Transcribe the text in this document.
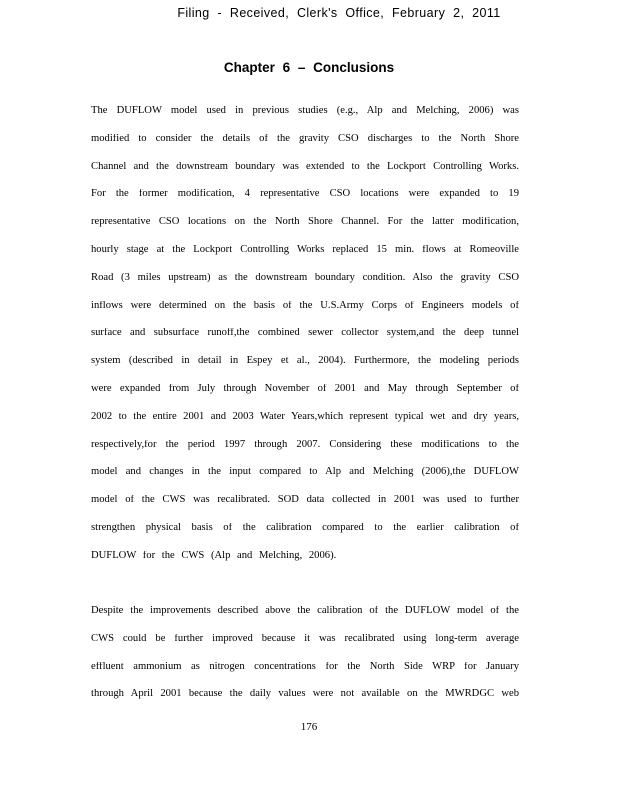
Filing - Received, Clerk's Office, February 2, 2011
Chapter 6 – Conclusions
The DUFLOW model used in previous studies (e.g., Alp and Melching, 2006) was
modified to consider the details of the gravity CSO discharges to the North Shore
Channel and the downstream boundary was extended to the Lockport Controlling Works.
For the former modification, 4 representative CSO locations were expanded to 19
representative CSO locations on the North Shore Channel. For the latter modification,
hourly stage at the Lockport Controlling Works replaced 15 min. flows at Romeoville
Road (3 miles upstream) as the downstream boundary condition. Also the gravity CSO
inflows were determined on the basis of the U.S.Army Corps of Engineers models of
surface and subsurface runoff,the combined sewer collector system,and the deep tunnel
system (described in detail in Espey et al., 2004). Furthermore, the modeling periods
were expanded from July through November of 2001 and May through September of
2002 to the entire 2001 and 2003 Water Years,which represent typical wet and dry years,
respectively,for the period 1997 through 2007. Considering these modifications to the
model and changes in the input compared to Alp and Melching (2006),the DUFLOW
model of the CWS was recalibrated. SOD data collected in 2001 was used to further
strengthen physical basis of the calibration compared to the earlier calibration of
DUFLOW for the CWS (Alp and Melching, 2006).
Despite the improvements described above the calibration of the DUFLOW model of the
CWS could be further improved because it was recalibrated using long-term average
effluent ammonium as nitrogen concentrations for the North Side WRP for January
through April 2001 because the daily values were not available on the MWRDGC web
176
